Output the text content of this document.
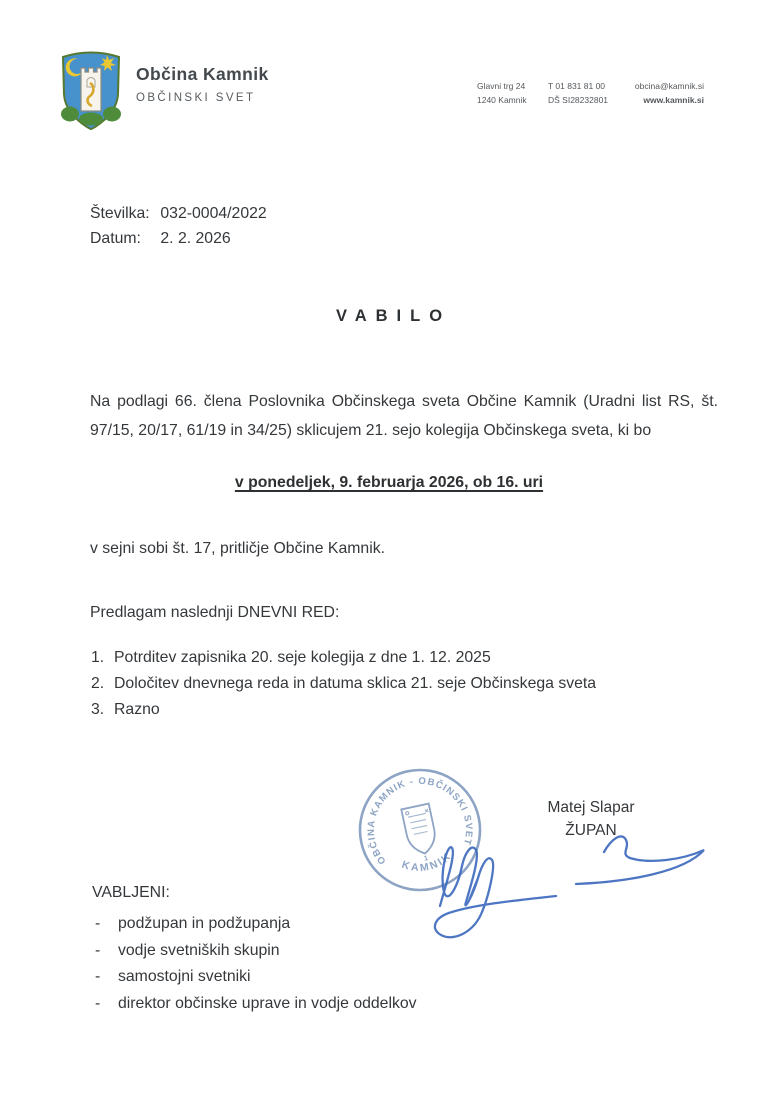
Občina Kamnik
OBČINSKI SVET
Glavni trg 24
1240 Kamnik
T 01 831 81 00
DŠ SI28232801
obcina@kamnik.si
www.kamnik.si
Številka: 032-0004/2022
Datum: 2. 2. 2026
VABILO

Na podlagi 66. člena Poslovnika Občinskega sveta Občine Kamnik (Uradni list RS, št. 97/15, 20/17, 61/19 in 34/25) sklicujem 21. sejo kolegija Občinskega sveta, ki bo

v ponedeljek, 9. februarja 2026, ob 16. uri
v sejni sobi št. 17, pritličje Občine Kamnik.
Predlagam naslednji DNEVNI RED:
1. Potrditev zapisnika 20. seje kolegija z dne 1. 12. 2025
2. Določitev dnevnega reda in datuma sklica 21. seje Občinskega sveta
3. Razno
OBČINA KAMNIK - OBČINSKI SVET
KAMNIK
1
Matej Slapar
ŽUPAN
VABLJENI:
-	podžupan in podžupanja
-	vodje svetniških skupin
-	samostojni svetniki
-	direktor občinske uprave in vodje oddelkov
